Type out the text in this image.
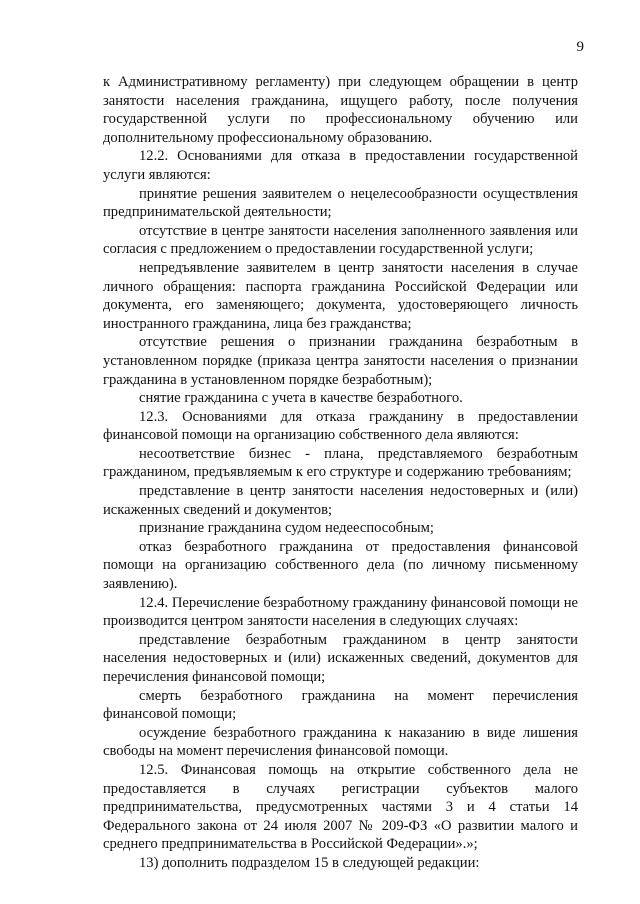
9

к Административному регламенту) при следующем обращении в центр занятости населения гражданина, ищущего работу, после получения государственной услуги по профессиональному обучению или дополнительному профессиональному образованию.

12.2. Основаниями для отказа в предоставлении государственной услуги являются:

принятие решения заявителем о нецелесообразности осуществления предпринимательской деятельности;

отсутствие в центре занятости населения заполненного заявления или согласия с предложением о предоставлении государственной услуги;

непредъявление заявителем в центр занятости населения в случае личного обращения: паспорта гражданина Российской Федерации или документа, его заменяющего; документа, удостоверяющего личность иностранного гражданина, лица без гражданства;

отсутствие решения о признании гражданина безработным в установленном порядке (приказа центра занятости населения о признании гражданина в установленном порядке безработным);

снятие гражданина с учета в качестве безработного.

12.3. Основаниями для отказа гражданину в предоставлении финансовой помощи на организацию собственного дела являются:

несоответствие бизнес - плана, представляемого безработным гражданином, предъявляемым к его структуре и содержанию требованиям;

представление в центр занятости населения недостоверных и (или) искаженных сведений и документов;

признание гражданина судом недееспособным;

отказ безработного гражданина от предоставления финансовой помощи на организацию собственного дела (по личному письменному заявлению).

12.4. Перечисление безработному гражданину финансовой помощи не производится центром занятости населения в следующих случаях:

представление безработным гражданином в центр занятости населения недостоверных и (или) искаженных сведений, документов для перечисления финансовой помощи;

смерть безработного гражданина на момент перечисления финансовой помощи;

осуждение безработного гражданина к наказанию в виде лишения свободы на момент перечисления финансовой помощи.

12.5. Финансовая помощь на открытие собственного дела не предоставляется в случаях регистрации субъектов малого предпринимательства, предусмотренных частями 3 и 4 статьи 14 Федерального закона от 24 июля 2007 № 209-ФЗ «О развитии малого и среднего предпринимательства в Российской Федерации».»;

13) дополнить подразделом 15 в следующей редакции:
